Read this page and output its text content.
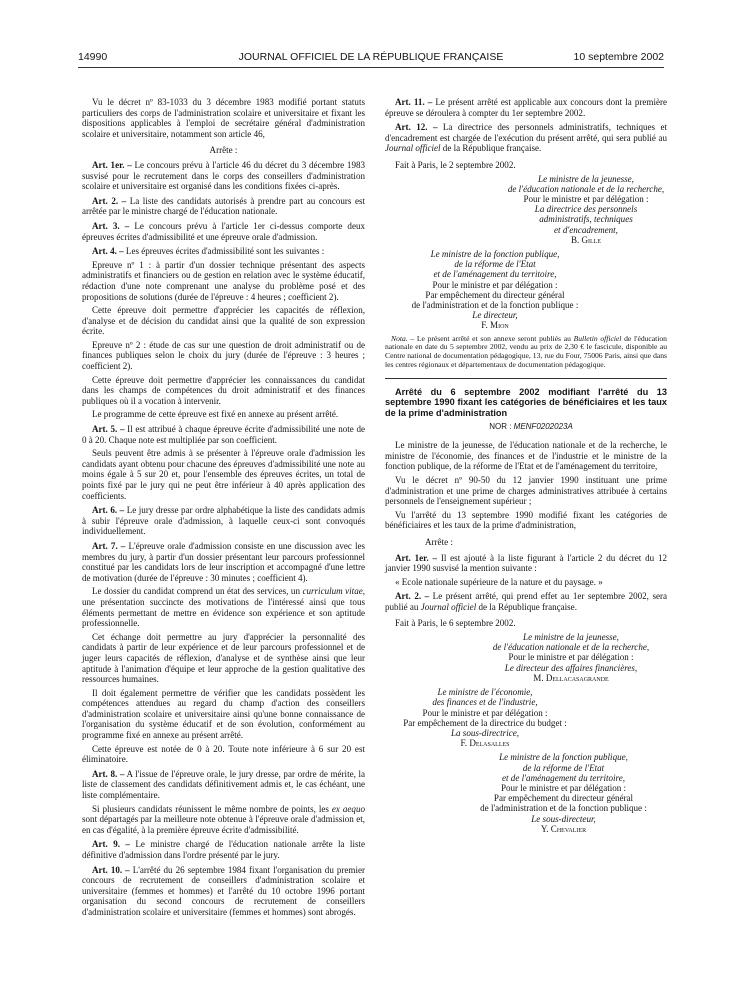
14990	JOURNAL OFFICIEL DE LA RÉPUBLIQUE FRANÇAISE	10 septembre 2002

Vu le décret nº 83-1033 du 3 décembre 1983 modifié portant statuts particuliers des corps de l'administration scolaire et universitaire et fixant les dispositions applicables à l'emploi de secrétaire général d'administration scolaire et universitaire, notamment son article 46,

Arrête :

Art. 1er. – Le concours prévu à l'article 46 du décret du 3 décembre 1983 susvisé pour le recrutement dans le corps des conseillers d'administration scolaire et universitaire est organisé dans les conditions fixées ci-après.

Art. 2. – La liste des candidats autorisés à prendre part au concours est arrêtée par le ministre chargé de l'éducation nationale.

Art. 3. – Le concours prévu à l'article 1er ci-dessus comporte deux épreuves écrites d'admissibilité et une épreuve orale d'admission.

Art. 4. – Les épreuves écrites d'admissibilité sont les suivantes :

Epreuve nº 1 : à partir d'un dossier technique présentant des aspects administratifs et financiers ou de gestion en relation avec le système éducatif, rédaction d'une note comprenant une analyse du problème posé et des propositions de solutions (durée de l'épreuve : 4 heures ; coefficient 2).

Cette épreuve doit permettre d'apprécier les capacités de réflexion, d'analyse et de décision du candidat ainsi que la qualité de son expression écrite.

Epreuve nº 2 : étude de cas sur une question de droit administratif ou de finances publiques selon le choix du jury (durée de l'épreuve : 3 heures ; coefficient 2).

Cette épreuve doit permettre d'apprécier les connaissances du candidat dans les champs de compétences du droit administratif et des finances publiques où il a vocation à intervenir.

Le programme de cette épreuve est fixé en annexe au présent arrêté.

Art. 5. – Il est attribué à chaque épreuve écrite d'admissibilité une note de 0 à 20. Chaque note est multipliée par son coefficient.

Seuls peuvent être admis à se présenter à l'épreuve orale d'admission les candidats ayant obtenu pour chacune des épreuves d'admissibilité une note au moins égale à 5 sur 20 et, pour l'ensemble des épreuves écrites, un total de points fixé par le jury qui ne peut être inférieur à 40 après application des coefficients.

Art. 6. – Le jury dresse par ordre alphabétique la liste des candidats admis à subir l'épreuve orale d'admission, à laquelle ceux-ci sont convoqués individuellement.

Art. 7. – L'épreuve orale d'admission consiste en une discussion avec les membres du jury, à partir d'un dossier présentant leur parcours professionnel constitué par les candidats lors de leur inscription et accompagné d'une lettre de motivation (durée de l'épreuve : 30 minutes ; coefficient 4).

Le dossier du candidat comprend un état des services, un curriculum vitae, une présentation succincte des motivations de l'intéressé ainsi que tous éléments permettant de mettre en évidence son expérience et son aptitude professionnelle.

Cet échange doit permettre au jury d'apprécier la personnalité des candidats à partir de leur expérience et de leur parcours professionnel et de juger leurs capacités de réflexion, d'analyse et de synthèse ainsi que leur aptitude à l'animation d'équipe et leur approche de la gestion qualitative des ressources humaines.

Il doit également permettre de vérifier que les candidats possèdent les compétences attendues au regard du champ d'action des conseillers d'administration scolaire et universitaire ainsi qu'une bonne connaissance de l'organisation du système éducatif et de son évolution, conformément au programme fixé en annexe au présent arrêté.

Cette épreuve est notée de 0 à 20. Toute note inférieure à 6 sur 20 est éliminatoire.

Art. 8. – A l'issue de l'épreuve orale, le jury dresse, par ordre de mérite, la liste de classement des candidats définitivement admis et, le cas échéant, une liste complémentaire.

Si plusieurs candidats réunissent le même nombre de points, les ex aequo sont départagés par la meilleure note obtenue à l'épreuve orale d'admission et, en cas d'égalité, à la première épreuve écrite d'admissibilité.

Art. 9. – Le ministre chargé de l'éducation nationale arrête la liste définitive d'admission dans l'ordre présenté par le jury.

Art. 10. – L'arrêté du 26 septembre 1984 fixant l'organisation du premier concours de recrutement de conseillers d'administration scolaire et universitaire (femmes et hommes) et l'arrêté du 10 octobre 1996 portant organisation du second concours de recrutement de conseillers d'administration scolaire et universitaire (femmes et hommes) sont abrogés.

Art. 11. – Le présent arrêté est applicable aux concours dont la première épreuve se déroulera à compter du 1er septembre 2002.

Art. 12. – La directrice des personnels administratifs, techniques et d'encadrement est chargée de l'exécution du présent arrêté, qui sera publié au Journal officiel de la République française.

Fait à Paris, le 2 septembre 2002.

Le ministre de la jeunesse,

de l'éducation nationale et de la recherche,

Pour le ministre et par délégation :

La directrice des personnels

administratifs, techniques

et d'encadrement,

B. Gille

Le ministre de la fonction publique,

de la réforme de l'Etat

et de l'aménagement du territoire,

Pour le ministre et par délégation :

Par empêchement du directeur général

de l'administration et de la fonction publique :

Le directeur,

F. Mion

Nota. – Le présent arrêté et son annexe seront publiés au Bulletin officiel de l'éducation nationale en date du 5 septembre 2002, vendu au prix de 2,30 € le fascicule, disponible au Centre national de documentation pédagogique, 13, rue du Four, 75006 Paris, ainsi que dans les centres régionaux et départementaux de documentation pédagogique.

Arrêté du 6 septembre 2002 modifiant l'arrêté du 13 septembre 1990 fixant les catégories de bénéficiaires et les taux de la prime d'administration

NOR : MENF0202023A

Le ministre de la jeunesse, de l'éducation nationale et de la recherche, le ministre de l'économie, des finances et de l'industrie et le ministre de la fonction publique, de la réforme de l'Etat et de l'aménagement du territoire,

Vu le décret nº 90-50 du 12 janvier 1990 instituant une prime d'administration et une prime de charges administratives attribuée à certains personnels de l'enseignement supérieur ;

Vu l'arrêté du 13 septembre 1990 modifié fixant les catégories de bénéficiaires et les taux de la prime d'administration,

Arrête :

Art. 1er. – Il est ajouté à la liste figurant à l'article 2 du décret du 12 janvier 1990 susvisé la mention suivante :

« Ecole nationale supérieure de la nature et du paysage. »

Art. 2. – Le présent arrêté, qui prend effet au 1er septembre 2002, sera publié au Journal officiel de la République française.

Fait à Paris, le 6 septembre 2002.

Le ministre de la jeunesse,

de l'éducation nationale et de la recherche,

Pour le ministre et par délégation :

Le directeur des affaires financières,

M. Dellacasagrande

Le ministre de l'économie,

des finances et de l'industrie,

Pour le ministre et par délégation :

Par empêchement de la directrice du budget :

La sous-directrice,

F. Delasalles

Le ministre de la fonction publique,

de la réforme de l'Etat

et de l'aménagement du territoire,

Pour le ministre et par délégation :

Par empêchement du directeur général

de l'administration et de la fonction publique :

Le sous-directeur,

Y. Chevalier
